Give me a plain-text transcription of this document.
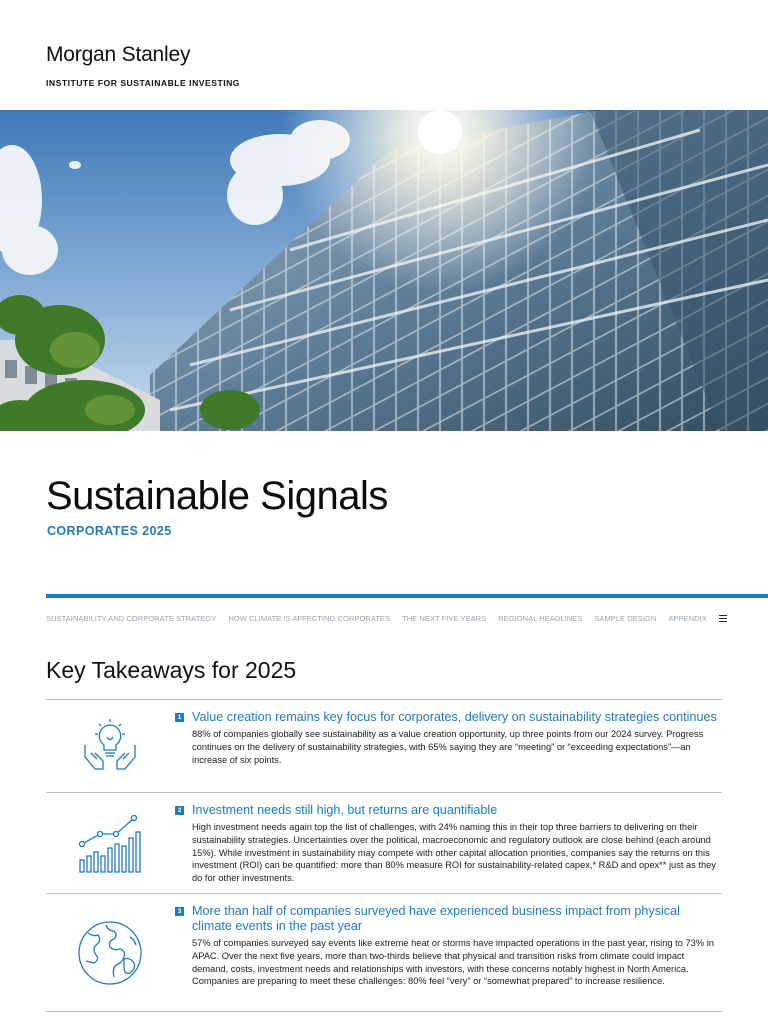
Morgan Stanley
INSTITUTE FOR SUSTAINABLE INVESTING
Sustainable Signals
CORPORATES 2025
SUSTAINABILITY AND CORPORATE STRATEGY HOW CLIMATE IS AFFECTING CORPORATES THE NEXT FIVE YEARS REGIONAL HEADLINES SAMPLE DESIGN APPENDIX
Key Takeaways for 2025
1 Value creation remains key focus for corporates, delivery on sustainability strategies continues
88% of companies globally see sustainability as a value creation opportunity, up three points from our 2024 survey. Progress continues on the delivery of sustainability strategies, with 65% saying they are “meeting” or “exceeding expectations”—an increase of six points.
2 Investment needs still high, but returns are quantifiable
High investment needs again top the list of challenges, with 24% naming this in their top three barriers to delivering on their sustainability strategies. Uncertainties over the political, macroeconomic and regulatory outlook are close behind (each around 15%). While investment in sustainability may compete with other capital allocation priorities, companies say the returns on this investment (ROI) can be quantified: more than 80% measure ROI for sustainability-related capex,* R&D and opex** just as they do for other investments.
3 More than half of companies surveyed have experienced business impact from physical climate events in the past year
57% of companies surveyed say events like extreme heat or storms have impacted operations in the past year, rising to 73% in APAC. Over the next five years, more than two-thirds believe that physical and transition risks from climate could impact demand, costs, investment needs and relationships with investors, with these concerns notably highest in North America. Companies are preparing to meet these challenges: 80% feel “very” or “somewhat prepared” to increase resilience.
